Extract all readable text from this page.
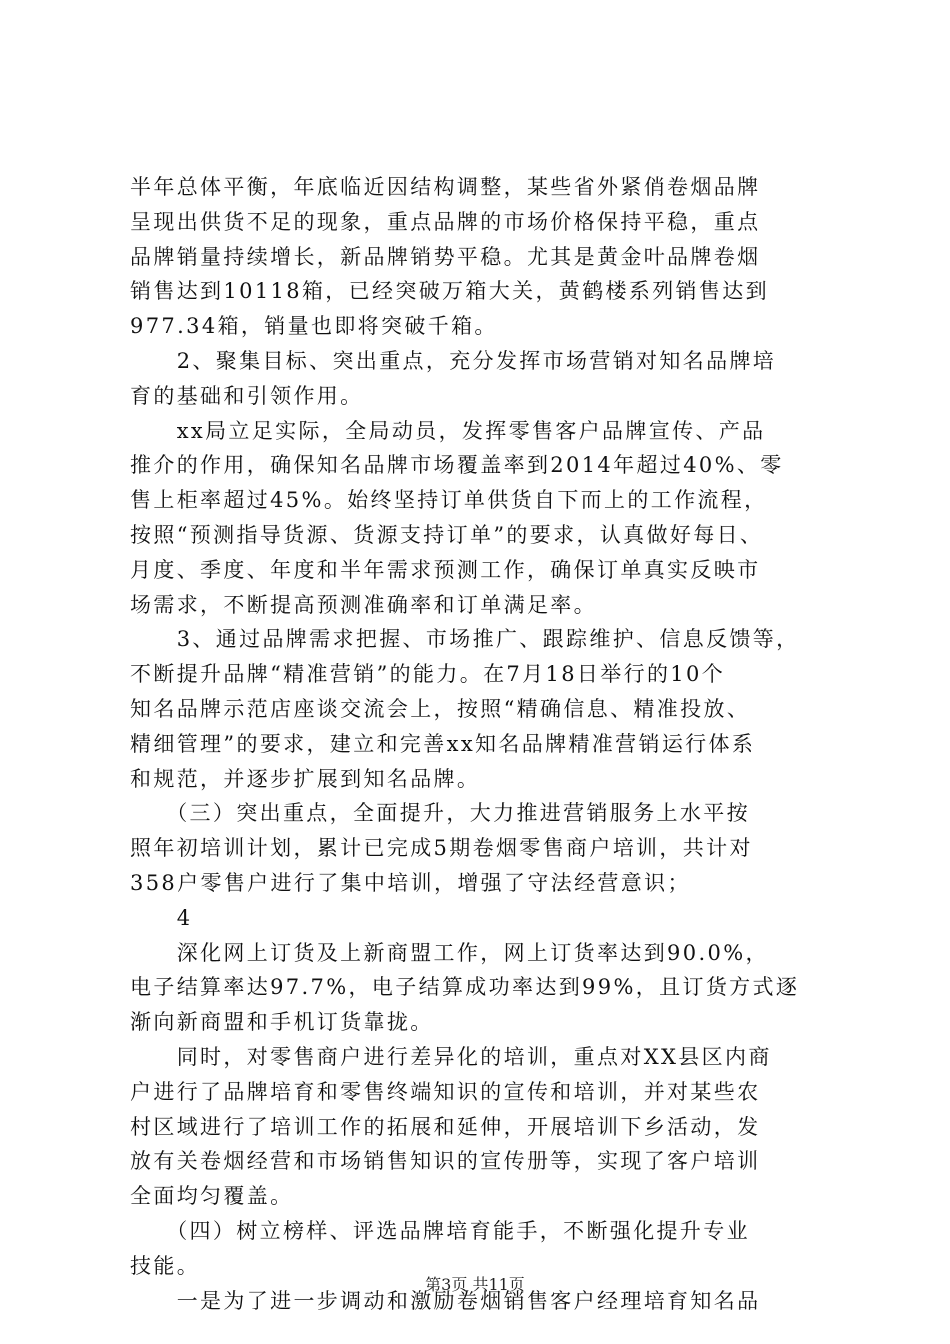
半年总体平衡，年底临近因结构调整，某些省外紧俏卷烟品牌
呈现出供货不足的现象，重点品牌的市场价格保持平稳，重点
品牌销量持续增长，新品牌销势平稳。尤其是黄金叶品牌卷烟
销售达到10118箱，已经突破万箱大关，黄鹤楼系列销售达到
977.34箱，销量也即将突破千箱。
　　2、聚集目标、突出重点，充分发挥市场营销对知名品牌培
育的基础和引领作用。
　　xx局立足实际，全局动员，发挥零售客户品牌宣传、产品
推介的作用，确保知名品牌市场覆盖率到2014年超过40%、零
售上柜率超过45%。始终坚持订单供货自下而上的工作流程，
按照“预测指导货源、货源支持订单”的要求，认真做好每日、
月度、季度、年度和半年需求预测工作，确保订单真实反映市
场需求，不断提高预测准确率和订单满足率。
　　3、通过品牌需求把握、市场推广、跟踪维护、信息反馈等，
不断提升品牌“精准营销”的能力。在7月18日举行的10个
知名品牌示范店座谈交流会上，按照“精确信息、精准投放、
精细管理”的要求，建立和完善xx知名品牌精准营销运行体系
和规范，并逐步扩展到知名品牌。
　　（三）突出重点，全面提升，大力推进营销服务上水平按
照年初培训计划，累计已完成5期卷烟零售商户培训，共计对
358户零售户进行了集中培训，增强了守法经营意识；
　　4
　　深化网上订货及上新商盟工作，网上订货率达到90.0%，
电子结算率达97.7%，电子结算成功率达到99%，且订货方式逐
渐向新商盟和手机订货靠拢。
　　同时，对零售商户进行差异化的培训，重点对XX县区内商
户进行了品牌培育和零售终端知识的宣传和培训，并对某些农
村区域进行了培训工作的拓展和延伸，开展培训下乡活动，发
放有关卷烟经营和市场销售知识的宣传册等，实现了客户培训
全面均匀覆盖。
　　（四）树立榜样、评选品牌培育能手，不断强化提升专业
技能。
　　一是为了进一步调动和激励卷烟销售客户经理培育知名品
第3页 共11页
